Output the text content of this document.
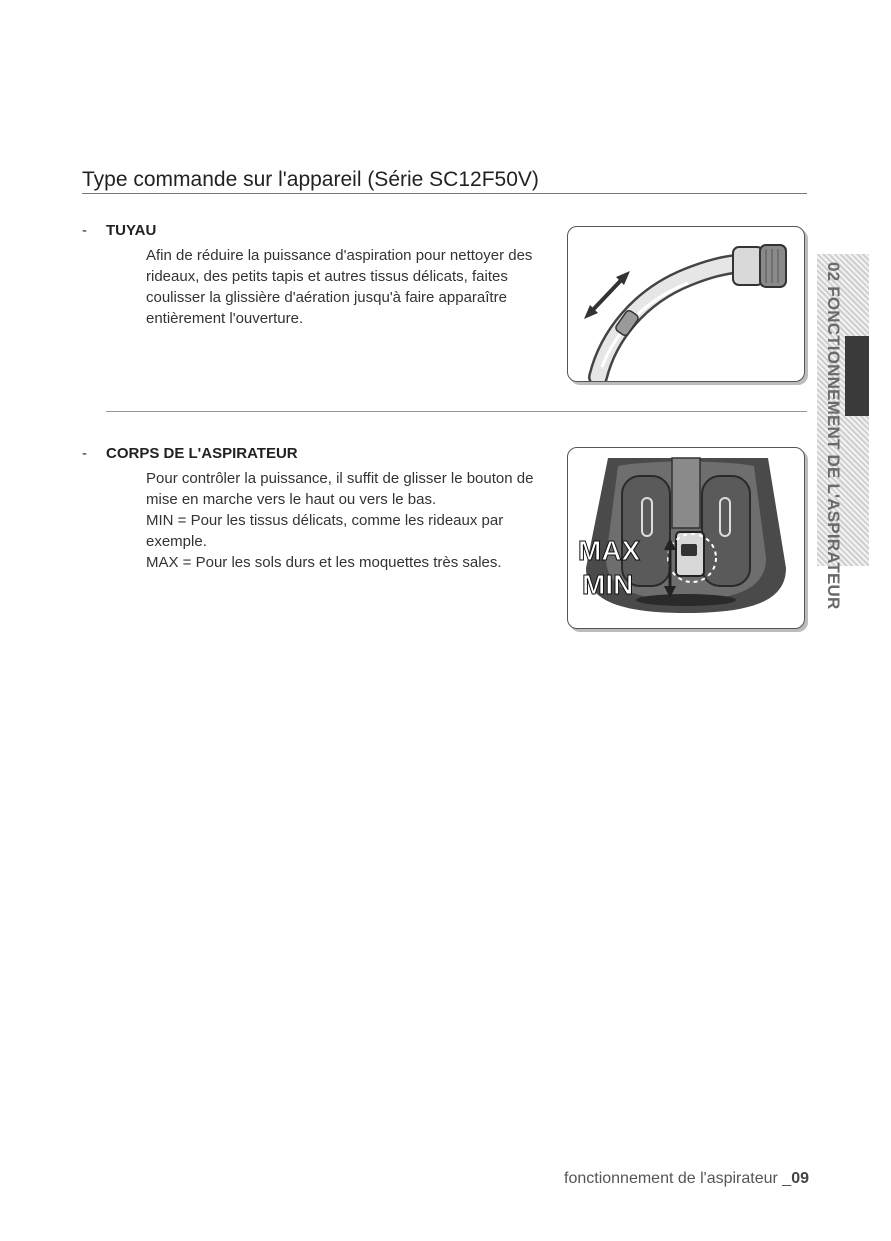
Type commande sur l'appareil (Série SC12F50V)
-	TUYAU

Afin de réduire la puissance d'aspiration pour nettoyer des rideaux, des petits tapis et autres tissus délicats, faites coulisser la glissière d'aération jusqu'à faire apparaître entièrement l'ouverture.

-	CORPS DE L'ASPIRATEUR

Pour contrôler la puissance, il suffit de glisser le bouton de mise en marche vers le haut ou vers le bas.

MIN = Pour les tissus délicats, comme les rideaux par exemple.

MAX = Pour les sols durs et les moquettes très sales.	MAX
MIN	02 FONCTIONNEMENT DE L'ASPIRATEUR
fonctionnement de l'aspirateur _09
